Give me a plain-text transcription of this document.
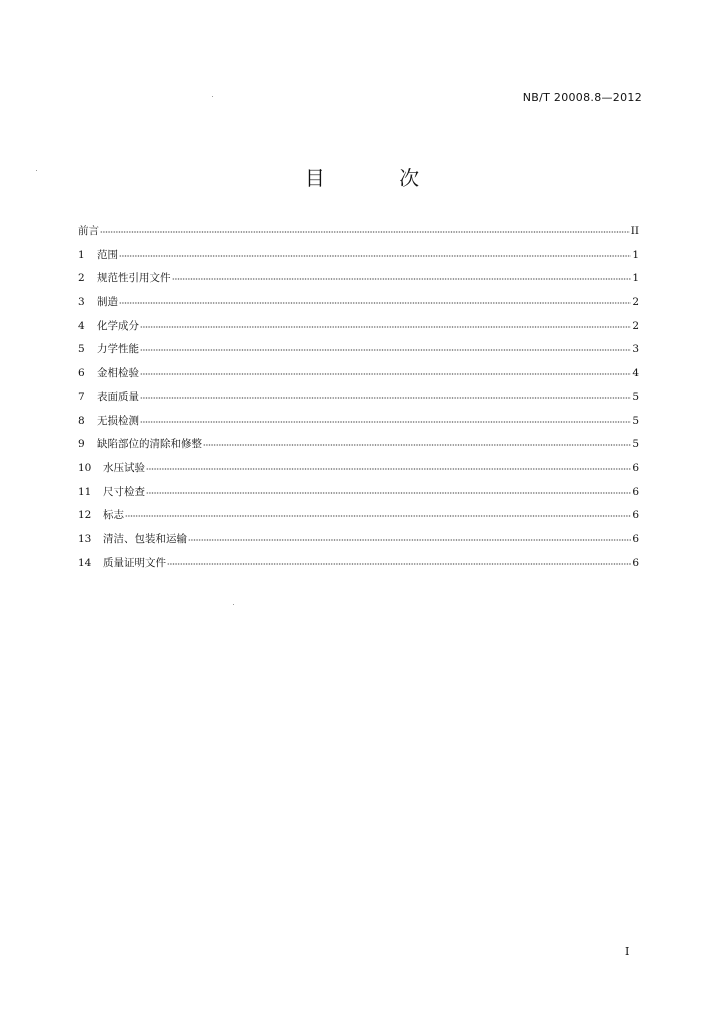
NB/T 20008.8—2012
目 次
前言	II
1	范围	1
2	规范性引用文件	1
3	制造	2
4	化学成分	2
5	力学性能	3
6	金相检验	4
7	表面质量	5
8	无损检测	5
9	缺陷部位的清除和修整	5
10	水压试验	6
11	尺寸检查	6
12	标志	6
13	清洁、包装和运输	6
14	质量证明文件	6
I
